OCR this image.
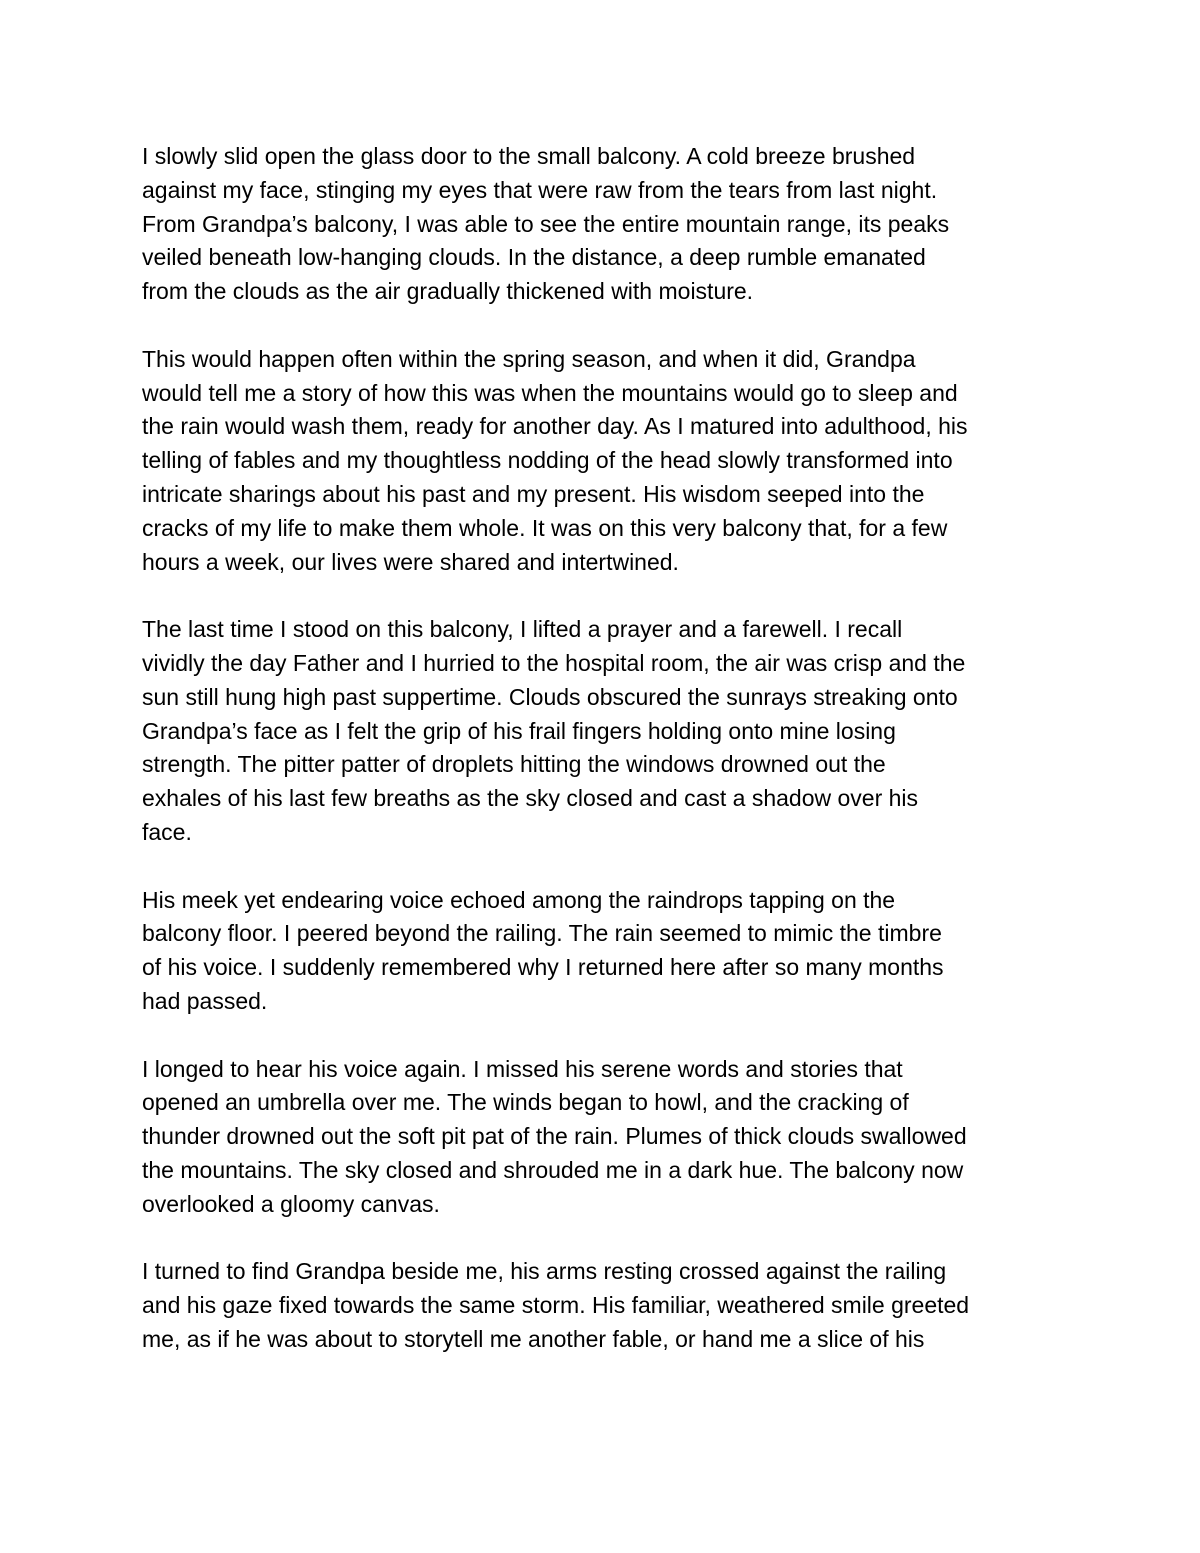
I slowly slid open the glass door to the small balcony. A cold breeze brushed
against my face, stinging my eyes that were raw from the tears from last night.
From Grandpa’s balcony, I was able to see the entire mountain range, its peaks
veiled beneath low-hanging clouds. In the distance, a deep rumble emanated
from the clouds as the air gradually thickened with moisture.
This would happen often within the spring season, and when it did, Grandpa
would tell me a story of how this was when the mountains would go to sleep and
the rain would wash them, ready for another day. As I matured into adulthood, his
telling of fables and my thoughtless nodding of the head slowly transformed into
intricate sharings about his past and my present. His wisdom seeped into the
cracks of my life to make them whole. It was on this very balcony that, for a few
hours a week, our lives were shared and intertwined.
The last time I stood on this balcony, I lifted a prayer and a farewell. I recall
vividly the day Father and I hurried to the hospital room, the air was crisp and the
sun still hung high past suppertime. Clouds obscured the sunrays streaking onto
Grandpa’s face as I felt the grip of his frail fingers holding onto mine losing
strength. The pitter patter of droplets hitting the windows drowned out the
exhales of his last few breaths as the sky closed and cast a shadow over his
face.
His meek yet endearing voice echoed among the raindrops tapping on the
balcony floor. I peered beyond the railing. The rain seemed to mimic the timbre
of his voice. I suddenly remembered why I returned here after so many months
had passed.
I longed to hear his voice again. I missed his serene words and stories that
opened an umbrella over me. The winds began to howl, and the cracking of
thunder drowned out the soft pit pat of the rain. Plumes of thick clouds swallowed
the mountains. The sky closed and shrouded me in a dark hue. The balcony now
overlooked a gloomy canvas.
I turned to find Grandpa beside me, his arms resting crossed against the railing
and his gaze fixed towards the same storm. His familiar, weathered smile greeted
me, as if he was about to storytell me another fable, or hand me a slice of his
